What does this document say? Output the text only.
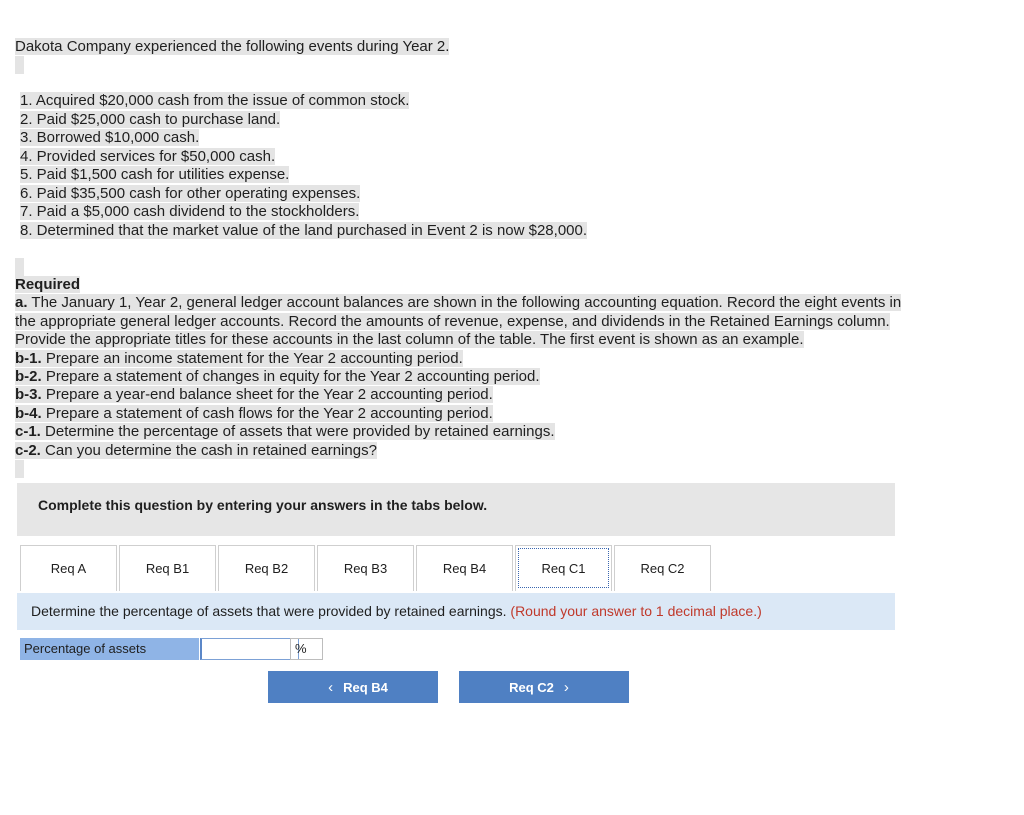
Dakota Company experienced the following events during Year 2.
1. Acquired $20,000 cash from the issue of common stock.
2. Paid $25,000 cash to purchase land.
3. Borrowed $10,000 cash.
4. Provided services for $50,000 cash.
5. Paid $1,500 cash for utilities expense.
6. Paid $35,500 cash for other operating expenses.
7. Paid a $5,000 cash dividend to the stockholders.
8. Determined that the market value of the land purchased in Event 2 is now $28,000.
Required
a. The January 1, Year 2, general ledger account balances are shown in the following accounting equation. Record the eight events in
the appropriate general ledger accounts. Record the amounts of revenue, expense, and dividends in the Retained Earnings column.
Provide the appropriate titles for these accounts in the last column of the table. The first event is shown as an example.
b-1. Prepare an income statement for the Year 2 accounting period.
b-2. Prepare a statement of changes in equity for the Year 2 accounting period.
b-3. Prepare a year-end balance sheet for the Year 2 accounting period.
b-4. Prepare a statement of cash flows for the Year 2 accounting period.
c-1. Determine the percentage of assets that were provided by retained earnings.
c-2. Can you determine the cash in retained earnings?
Complete this question by entering your answers in the tabs below.
Req A	Req B1	Req B2	Req B3	Req B4	Req C1	Req C2
Determine the percentage of assets that were provided by retained earnings. (Round your answer to 1 decimal place.)
Percentage of assets	%
‹ Req B4	Req C2 ›
